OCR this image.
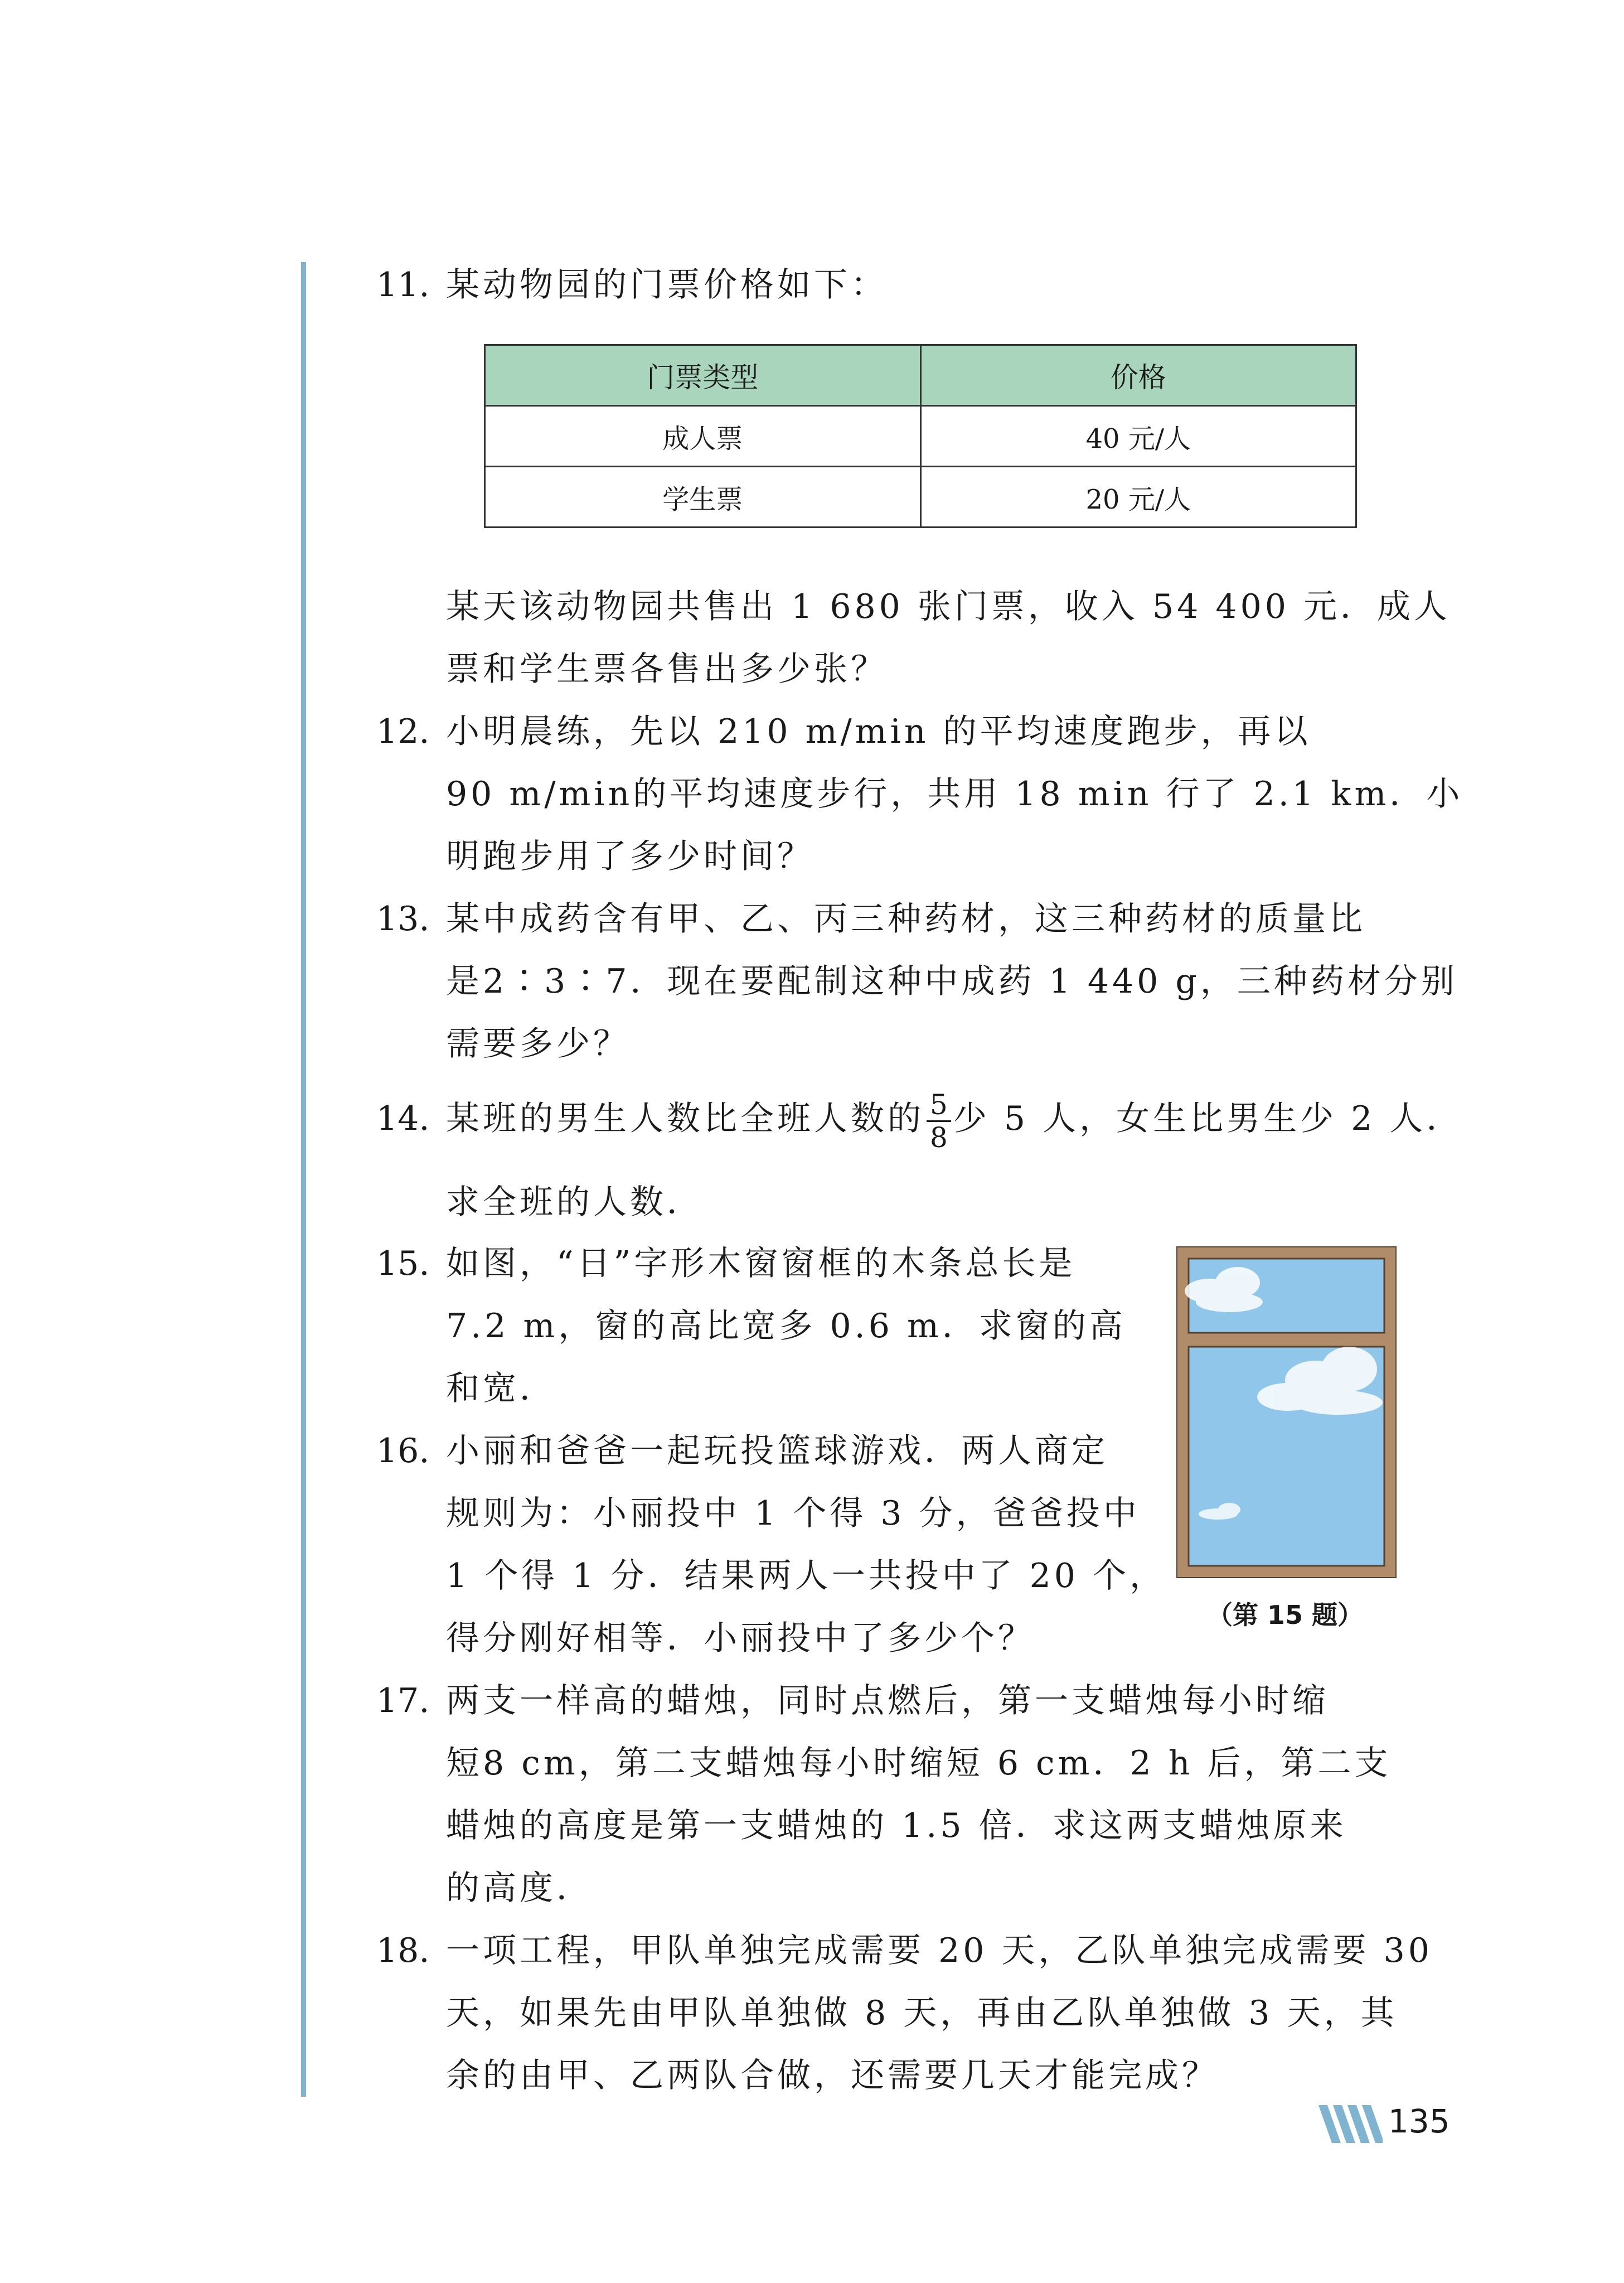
11. 某动物园的门票价格如下：
门票类型	价格
成人票	40 元/人
学生票	20 元/人
某天该动物园共售出 1 680 张门票，收入 54 400 元．成人
票和学生票各售出多少张？
12. 小明晨练，先以 210 m/min 的平均速度跑步，再以
90 m/min的平均速度步行，共用 18 min 行了 2.1 km．小
明跑步用了多少时间？
13. 某中成药含有甲、乙、丙三种药材，这三种药材的质量比
是2∶3∶7．现在要配制这种中成药 1 440 g，三种药材分别
需要多少？
14. 某班的男生人数比全班人数的 $\frac{5}{8}$ 少 5 人，女生比男生少 2 人．
求全班的人数．
15. 如图，“日”字形木窗窗框的木条总长是
7.2 m，窗的高比宽多 0.6 m．求窗的高
和宽．
16. 小丽和爸爸一起玩投篮球游戏．两人商定
规则为：小丽投中 1 个得 3 分，爸爸投中
1 个得 1 分．结果两人一共投中了 20 个，
得分刚好相等．小丽投中了多少个？
（第 15 题）
17. 两支一样高的蜡烛，同时点燃后，第一支蜡烛每小时缩
短8 cm，第二支蜡烛每小时缩短 6 cm．2 h 后，第二支
蜡烛的高度是第一支蜡烛的 1.5 倍．求这两支蜡烛原来
的高度．
18. 一项工程，甲队单独完成需要 20 天，乙队单独完成需要 30
天，如果先由甲队单独做 8 天，再由乙队单独做 3 天，其
余的由甲、乙两队合做，还需要几天才能完成？
135
